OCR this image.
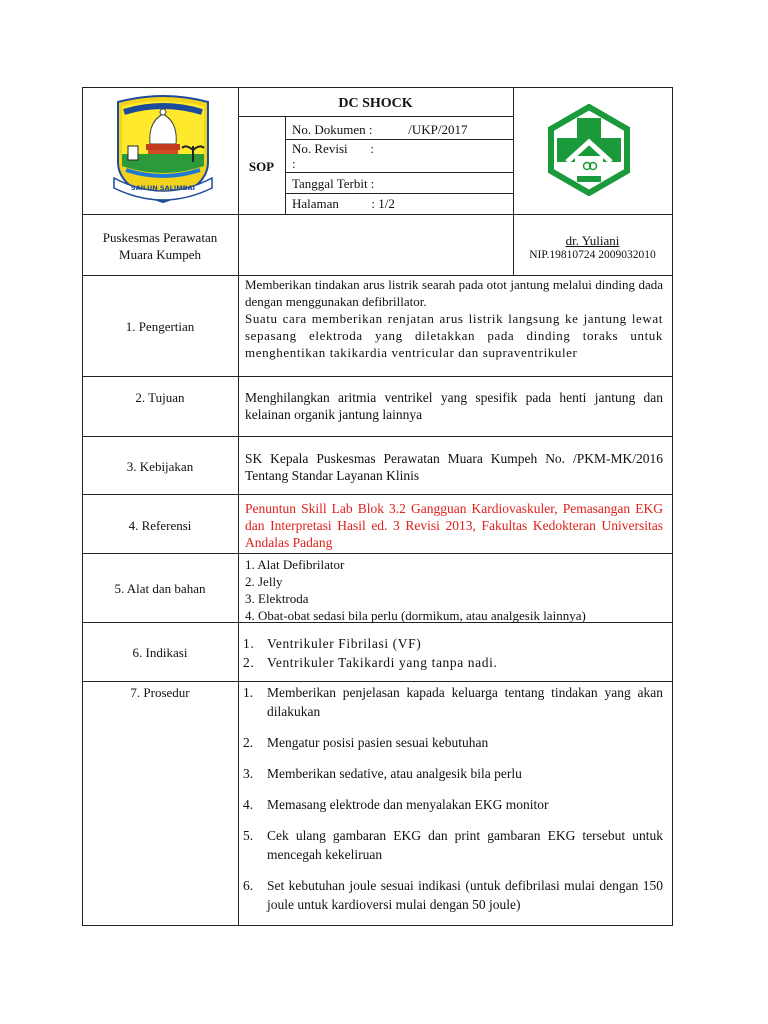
SAILUN SALIMBAI
DC SHOCK
SOP
No. Dokumen :           /UKP/2017
No. Revisi       :
:
Tanggal Terbit :
Halaman          : 1/2
Puskesmas Perawatan
Muara Kumpeh
dr. Yuliani
NIP.19810724 2009032010
1. Pengertian
2. Tujuan
3. Kebijakan
4. Referensi
5. Alat dan bahan
6. Indikasi
7. Prosedur
Memberikan tindakan arus listrik searah pada otot jantung melalui dinding dada dengan menggunakan defibrillator.
Suatu cara memberikan renjatan arus listrik langsung ke jantung lewat sepasang elektroda yang diletakkan pada dinding toraks untuk menghentikan takikardia ventricular dan supraventrikuler
Menghilangkan aritmia ventrikel yang spesifik pada henti jantung dan kelainan organik jantung lainnya
SK Kepala Puskesmas Perawatan Muara Kumpeh No. /PKM-MK/2016 Tentang Standar Layanan Klinis
Penuntun Skill Lab Blok 3.2 Gangguan Kardiovaskuler, Pemasangan EKG dan Interpretasi Hasil ed. 3 Revisi 2013, Fakultas Kedokteran Universitas Andalas Padang
1. Alat Defibrilator
2. Jelly
3. Elektroda
4. Obat-obat sedasi bila perlu (dormikum, atau analgesik lainnya)
1. Ventrikuler Fibrilasi (VF)
2. Ventrikuler Takikardi yang tanpa nadi.
1. Memberikan penjelasan kapada keluarga tentang tindakan yang akan dilakukan
2. Mengatur posisi pasien sesuai kebutuhan
3. Memberikan sedative, atau analgesik bila perlu
4. Memasang elektrode dan menyalakan EKG monitor
5. Cek ulang gambaran EKG dan print gambaran EKG tersebut untuk mencegah kekeliruan
6. Set kebutuhan joule sesuai indikasi (untuk defibrilasi mulai dengan 150 joule untuk kardioversi mulai dengan 50 joule)
